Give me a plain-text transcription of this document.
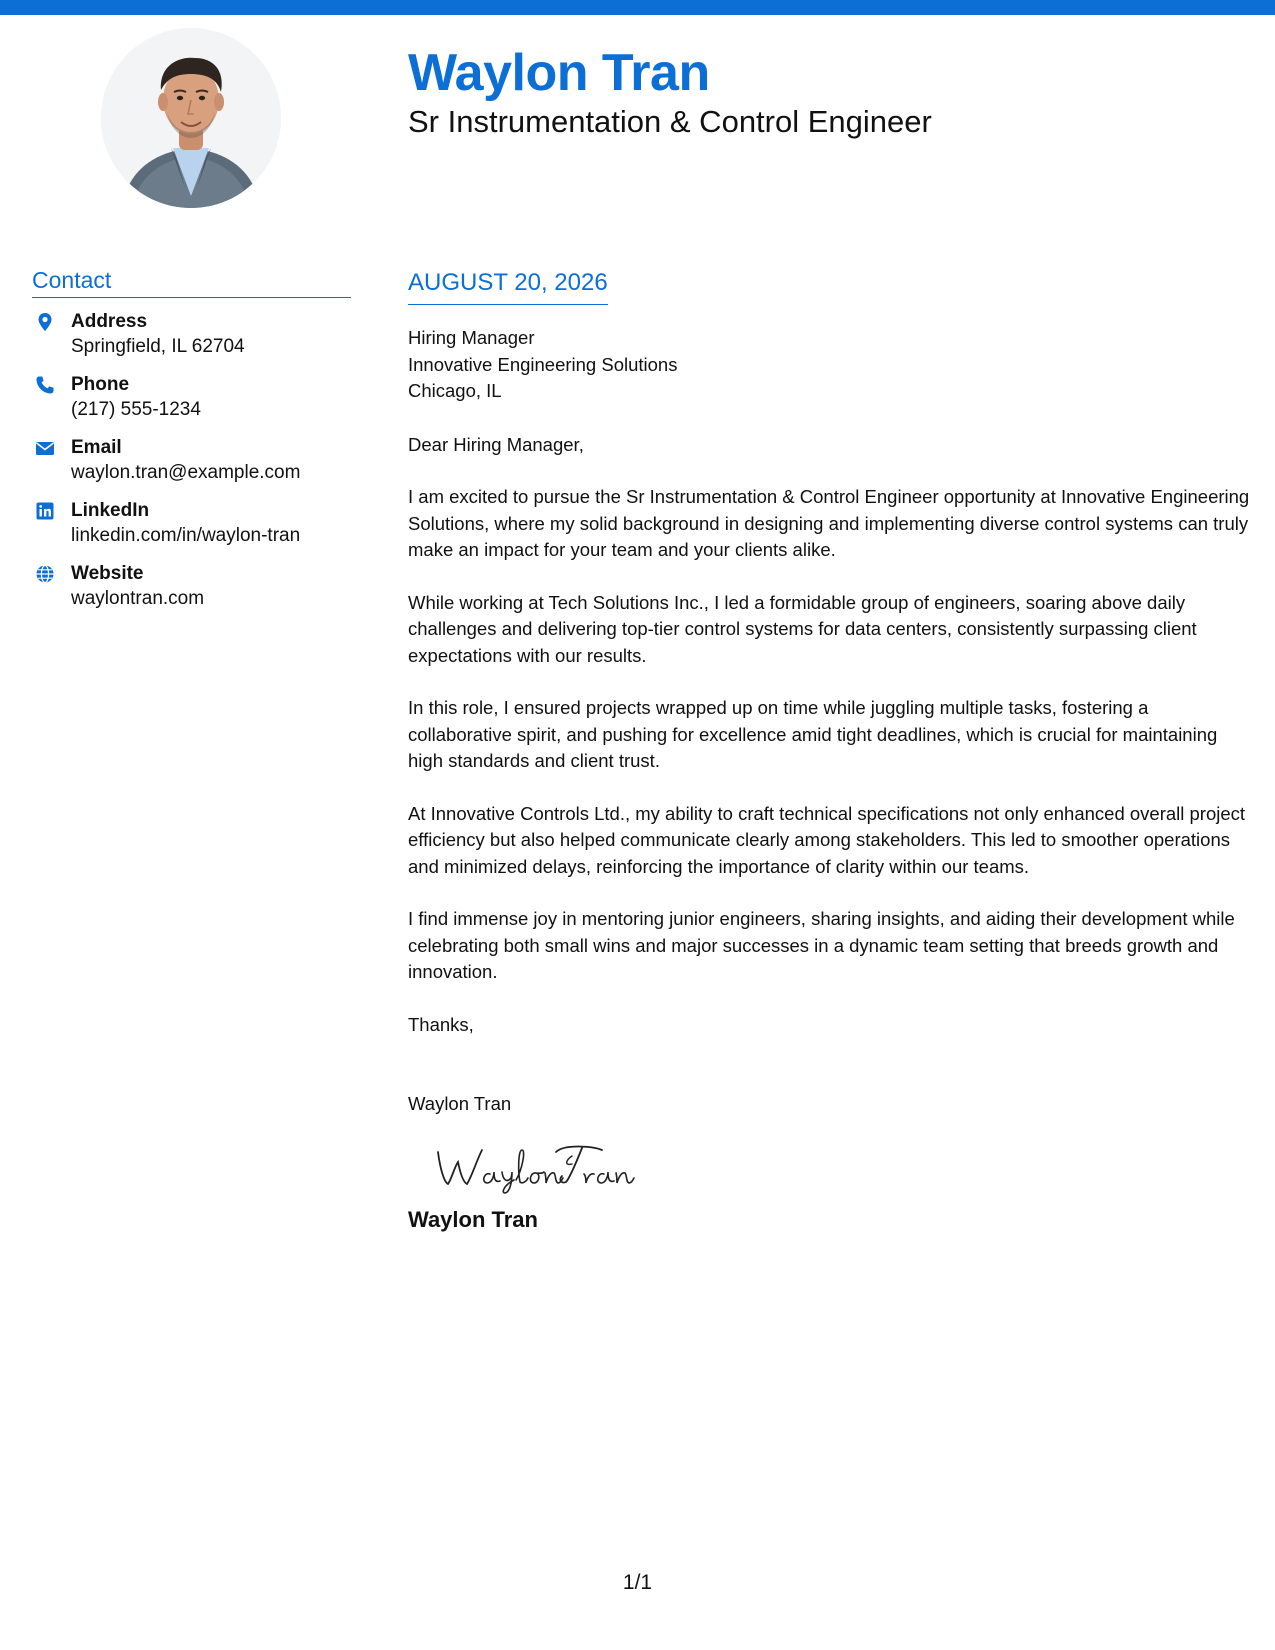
Waylon Tran
Sr Instrumentation & Control Engineer
Contact
Address
Springfield, IL 62704
Phone
(217) 555-1234
Email
waylon.tran@example.com
LinkedIn
linkedin.com/in/waylon-tran
Website
waylontran.com
AUGUST 20, 2026
Hiring Manager
Innovative Engineering Solutions
Chicago, IL
Dear Hiring Manager,

I am excited to pursue the Sr Instrumentation & Control Engineer opportunity at Innovative Engineering Solutions, where my solid background in designing and implementing diverse control systems can truly make an impact for your team and your clients alike.

While working at Tech Solutions Inc., I led a formidable group of engineers, soaring above daily challenges and delivering top-tier control systems for data centers, consistently surpassing client expectations with our results.

In this role, I ensured projects wrapped up on time while juggling multiple tasks, fostering a collaborative spirit, and pushing for excellence amid tight deadlines, which is crucial for maintaining high standards and client trust.

At Innovative Controls Ltd., my ability to craft technical specifications not only enhanced overall project efficiency but also helped communicate clearly among stakeholders. This led to smoother operations and minimized delays, reinforcing the importance of clarity within our teams.

I find immense joy in mentoring junior engineers, sharing insights, and aiding their development while celebrating both small wins and major successes in a dynamic team setting that breeds growth and innovation.

Thanks,
Waylon Tran
Waylon Tran
1/1
